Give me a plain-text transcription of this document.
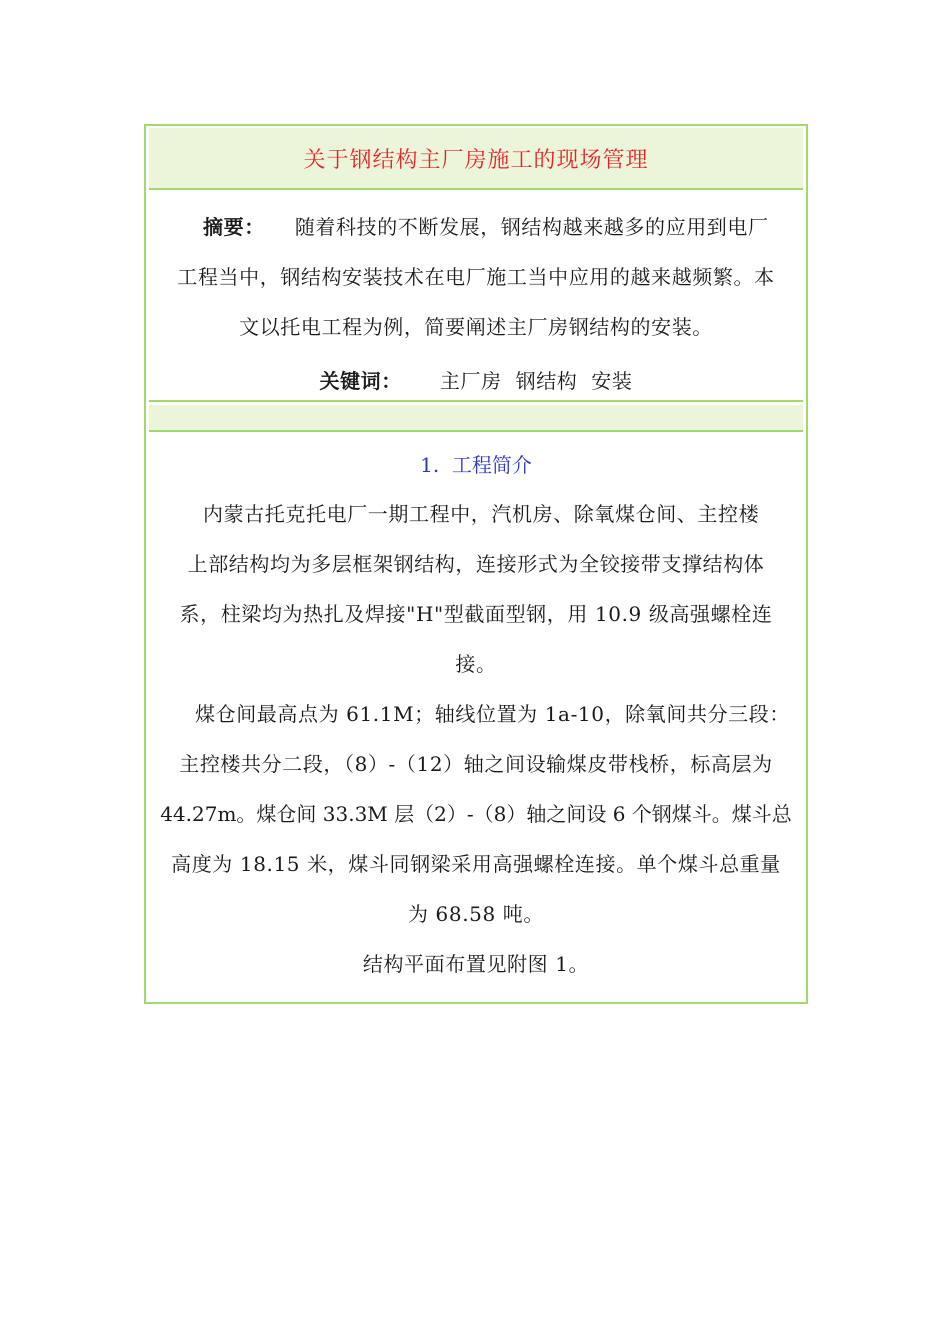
关于钢结构主厂房施工的现场管理

摘要： 随着科技的不断发展，钢结构越来越多的应用到电厂

工程当中，钢结构安装技术在电厂施工当中应用的越来越频繁。本

文以托电工程为例，简要阐述主厂房钢结构的安装。

关键词： 主厂房  钢结构  安装

1.  工程简介

内蒙古托克托电厂一期工程中，汽机房、除氧煤仓间、主控楼

上部结构均为多层框架钢结构，连接形式为全铰接带支撑结构体

系，柱梁均为热扎及焊接"H"型截面型钢，用 10.9 级高强螺栓连

接。

煤仓间最高点为 61.1M；轴线位置为 1a-10，除氧间共分三段：

主控楼共分二段，（8）-（12）轴之间设输煤皮带栈桥，标高层为

44.27m。煤仓间 33.3M 层（2）-（8）轴之间设 6 个钢煤斗。煤斗总

高度为 18.15 米，煤斗同钢梁采用高强螺栓连接。单个煤斗总重量

为 68.58 吨。

结构平面布置见附图 1。
